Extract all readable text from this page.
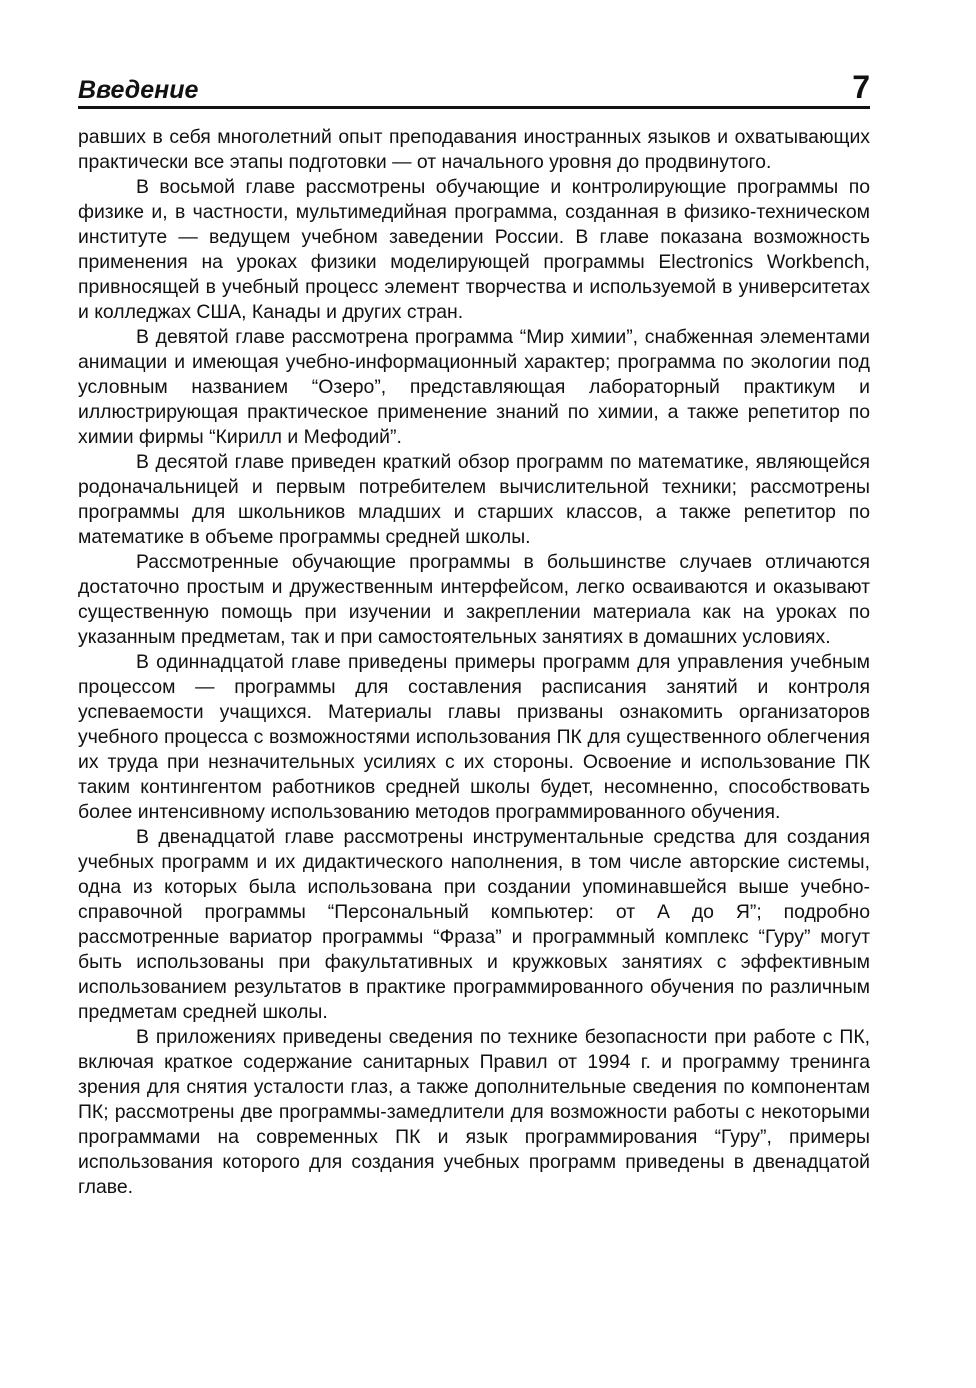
Введение	7

равших в себя многолетний опыт преподавания иностранных языков и охватывающих практически все этапы подготовки — от начального уровня до продвинутого.

В восьмой главе рассмотрены обучающие и контролирующие программы по физике и, в частности, мультимедийная программа, созданная в физико-техническом институте — ведущем учебном заведении России. В главе показана возможность применения на уроках физики моделирующей программы Electronics Workbench, привносящей в учебный процесс элемент творчества и используемой в университетах и колледжах США, Канады и других стран.

В девятой главе рассмотрена программа “Мир химии”, снабженная элементами анимации и имеющая учебно-информационный характер; программа по экологии под условным названием “Озеро”, представляющая лабораторный практикум и иллюстрирующая практическое применение знаний по химии, а также репетитор по химии фирмы “Кирилл и Мефодий”.

В десятой главе приведен краткий обзор программ по математике, являющейся родоначальницей и первым потребителем вычислительной техники; рассмотрены программы для школьников младших и старших классов, а также репетитор по математике в объеме программы средней школы.

Рассмотренные обучающие программы в большинстве случаев отличаются достаточно простым и дружественным интерфейсом, легко осваиваются и оказывают существенную помощь при изучении и закреплении материала как на уроках по указанным предметам, так и при самостоятельных занятиях в домашних условиях.

В одиннадцатой главе приведены примеры программ для управления учебным процессом — программы для составления расписания занятий и контроля успеваемости учащихся. Материалы главы призваны ознакомить организаторов учебного процесса с возможностями использования ПК для существенного облегчения их труда при незначительных усилиях с их стороны. Освоение и использование ПК таким контингентом работников средней школы будет, несомненно, способствовать более интенсивному использованию методов программированного обучения.

В двенадцатой главе рассмотрены инструментальные средства для создания учебных программ и их дидактического наполнения, в том числе авторские системы, одна из которых была использована при создании упоминавшейся выше учебно-справочной программы “Персональный компьютер: от А до Я”; подробно рассмотренные вариатор программы “Фраза” и программный комплекс “Гуру” могут быть использованы при факультативных и кружковых занятиях с эффективным использованием результатов в практике программированного обучения по различным предметам средней школы.

В приложениях приведены сведения по технике безопасности при работе с ПК, включая краткое содержание санитарных Правил от 1994 г. и программу тренинга зрения для снятия усталости глаз, а также дополнительные сведения по компонентам ПК; рассмотрены две программы-замедлители для возможности работы с некоторыми программами на современных ПК и язык программирования “Гуру”, примеры использования которого для создания учебных программ приведены в двенадцатой главе.
